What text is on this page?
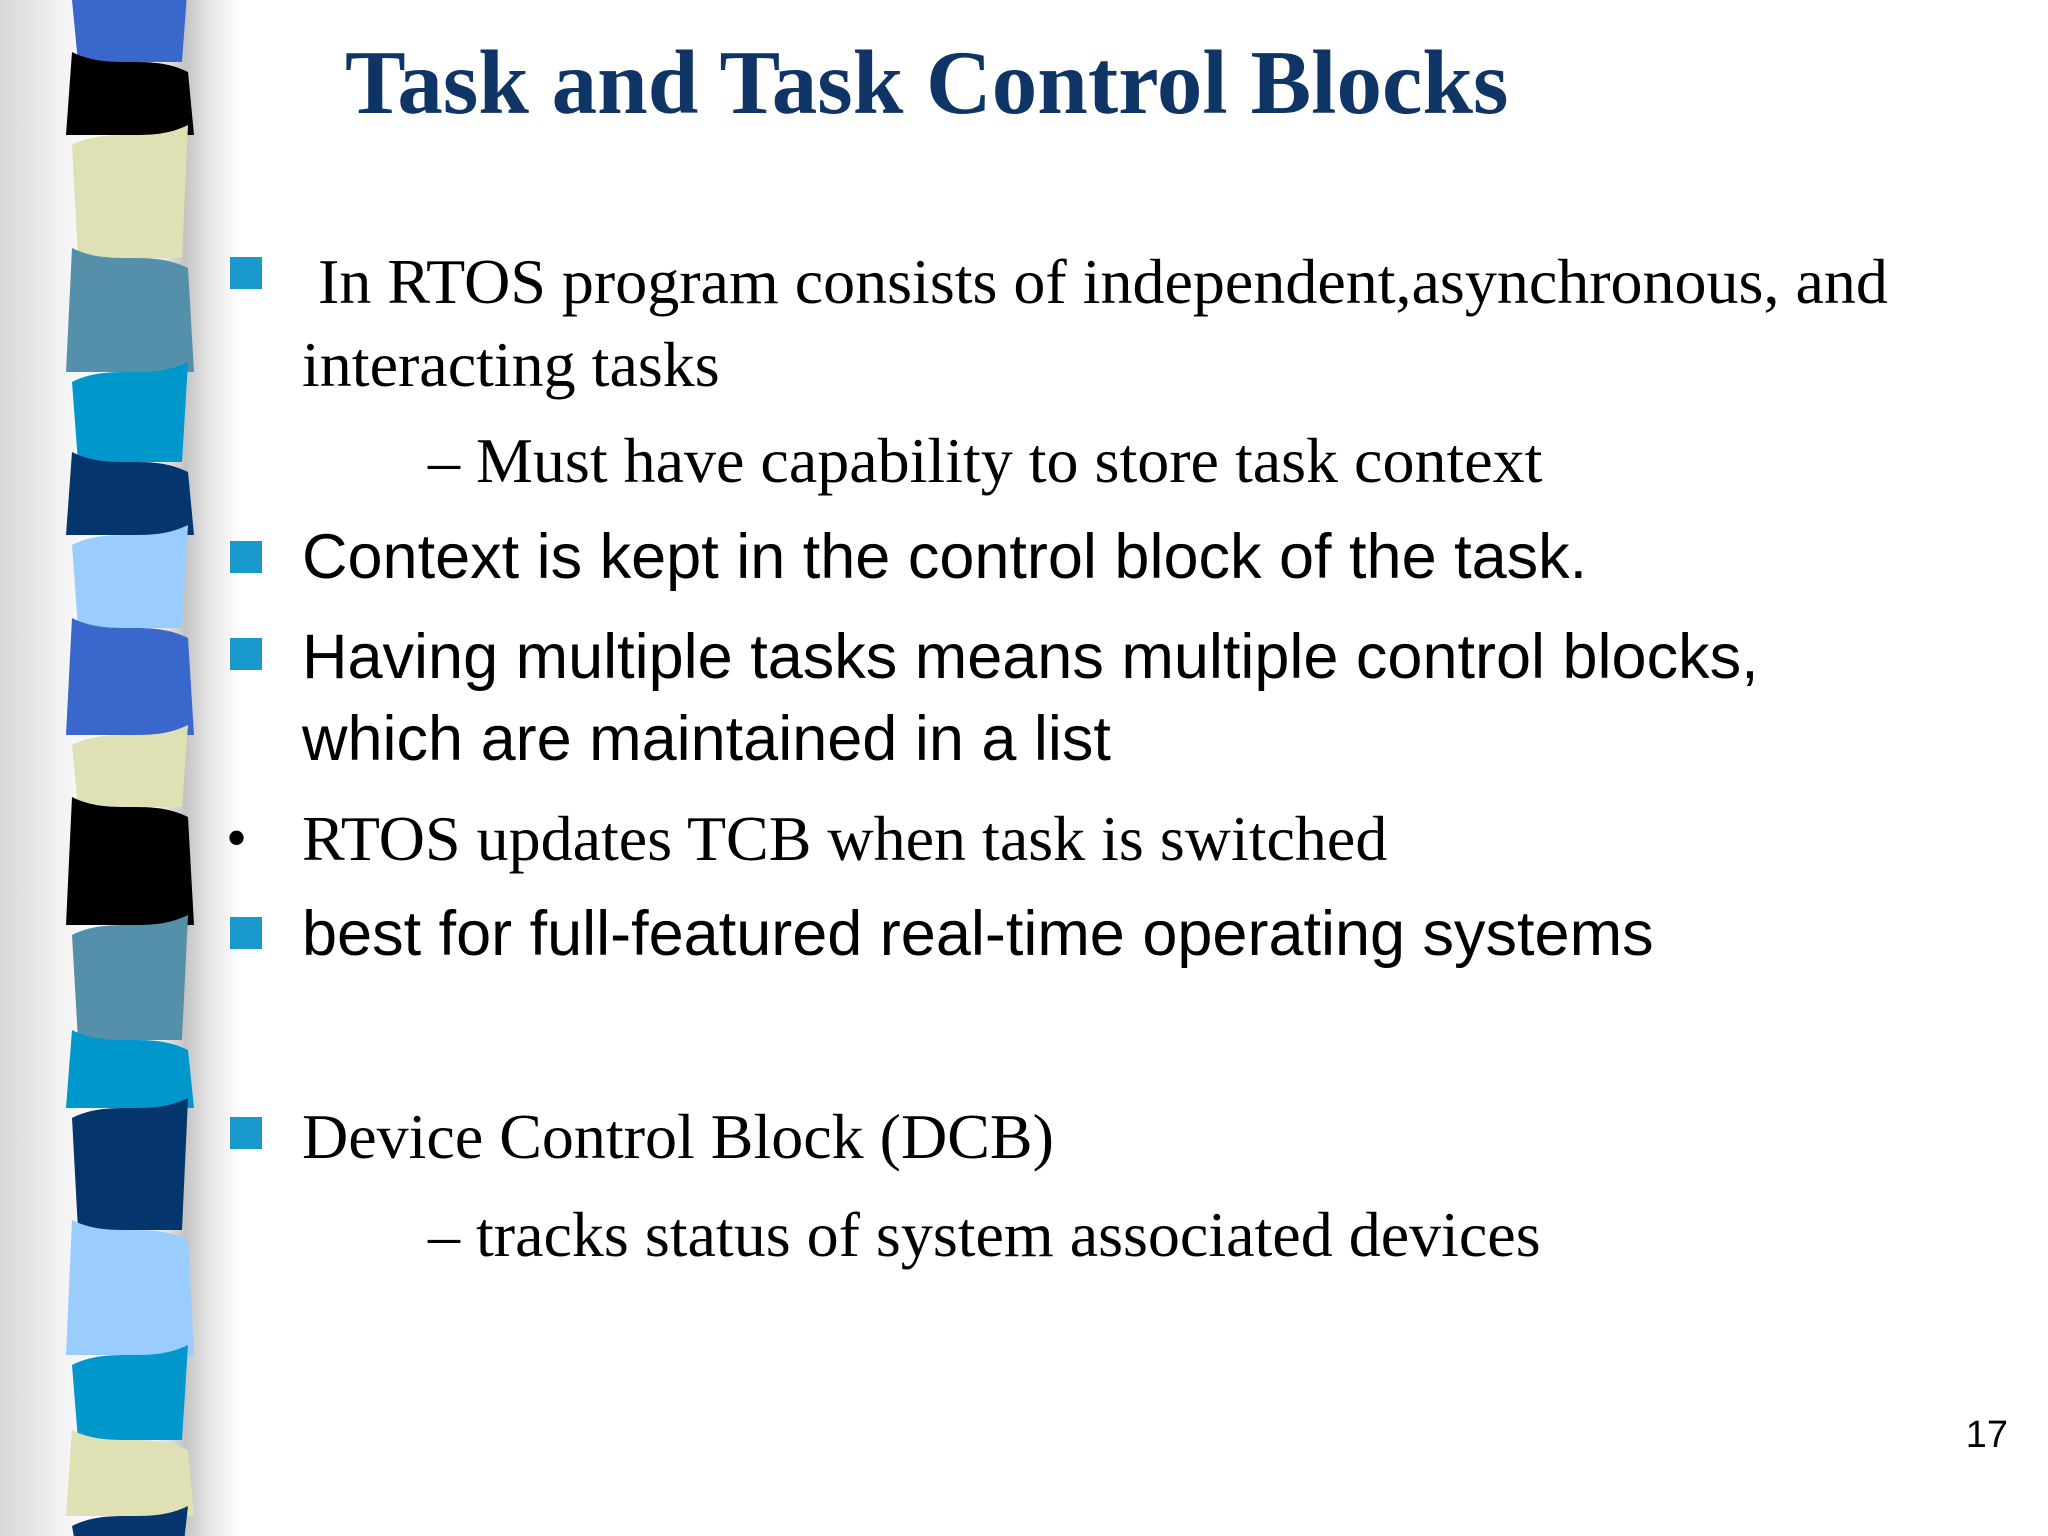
Task and Task Control Blocks
In RTOS program consists of independent,asynchronous, and
interacting tasks
– Must have capability to store task context
Context is kept in the control block of the task.
Having multiple tasks means multiple control blocks,
which are maintained in a list
• RTOS updates TCB when task is switched
best for full-featured real-time operating systems
Device Control Block (DCB)
– tracks status of system associated devices
17
